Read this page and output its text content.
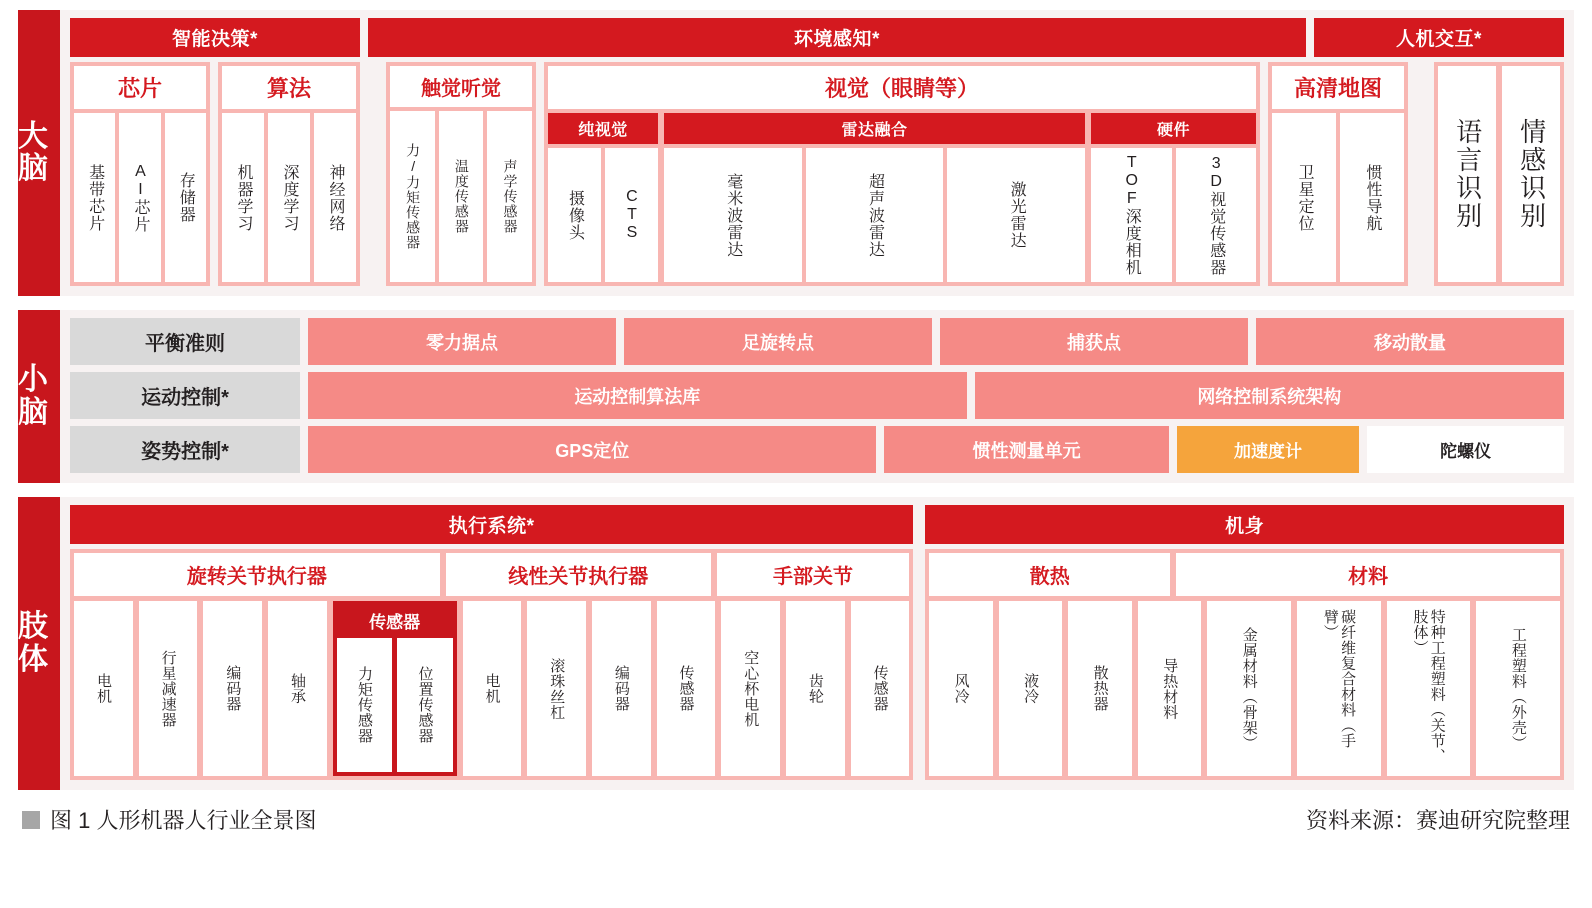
大脑
智能决策*	环境感知*	人机交互*
芯片
基带芯片	AI芯片	存储器
算法
机器学习	深度学习	神经网络
触觉听觉
力/力矩传感器	温度传感器	声学传感器
视觉（眼睛等）
纯视觉
摄像头	CTS
雷达融合
毫米波雷达	超声波雷达	激光雷达
硬件
TOF深度相机	3D视觉传感器
高清地图
卫星定位	惯性导航	语言识别	情感识别
小脑
平衡准则	零力据点	足旋转点	捕获点	移动散量
运动控制*	运动控制算法库	网络控制系统架构
姿势控制*	GPS定位	惯性测量单元	加速度计	陀螺仪
肢体
执行系统*
旋转关节执行器	线性关节执行器	手部关节
电机	行星减速器	编码器	轴承
传感器
力矩传感器	位置传感器	电机	滚珠丝杠	编码器	传感器	空心杯电机	齿轮	传感器
机身
散热	材料
风冷	液冷	散热器	导热材料	金属材料（骨架）	碳纤维复合材料（手臂）	特种工程塑料（关节、肢体）	工程塑料（外壳）
图 1 人形机器人行业全景图	资料来源：赛迪研究院整理
